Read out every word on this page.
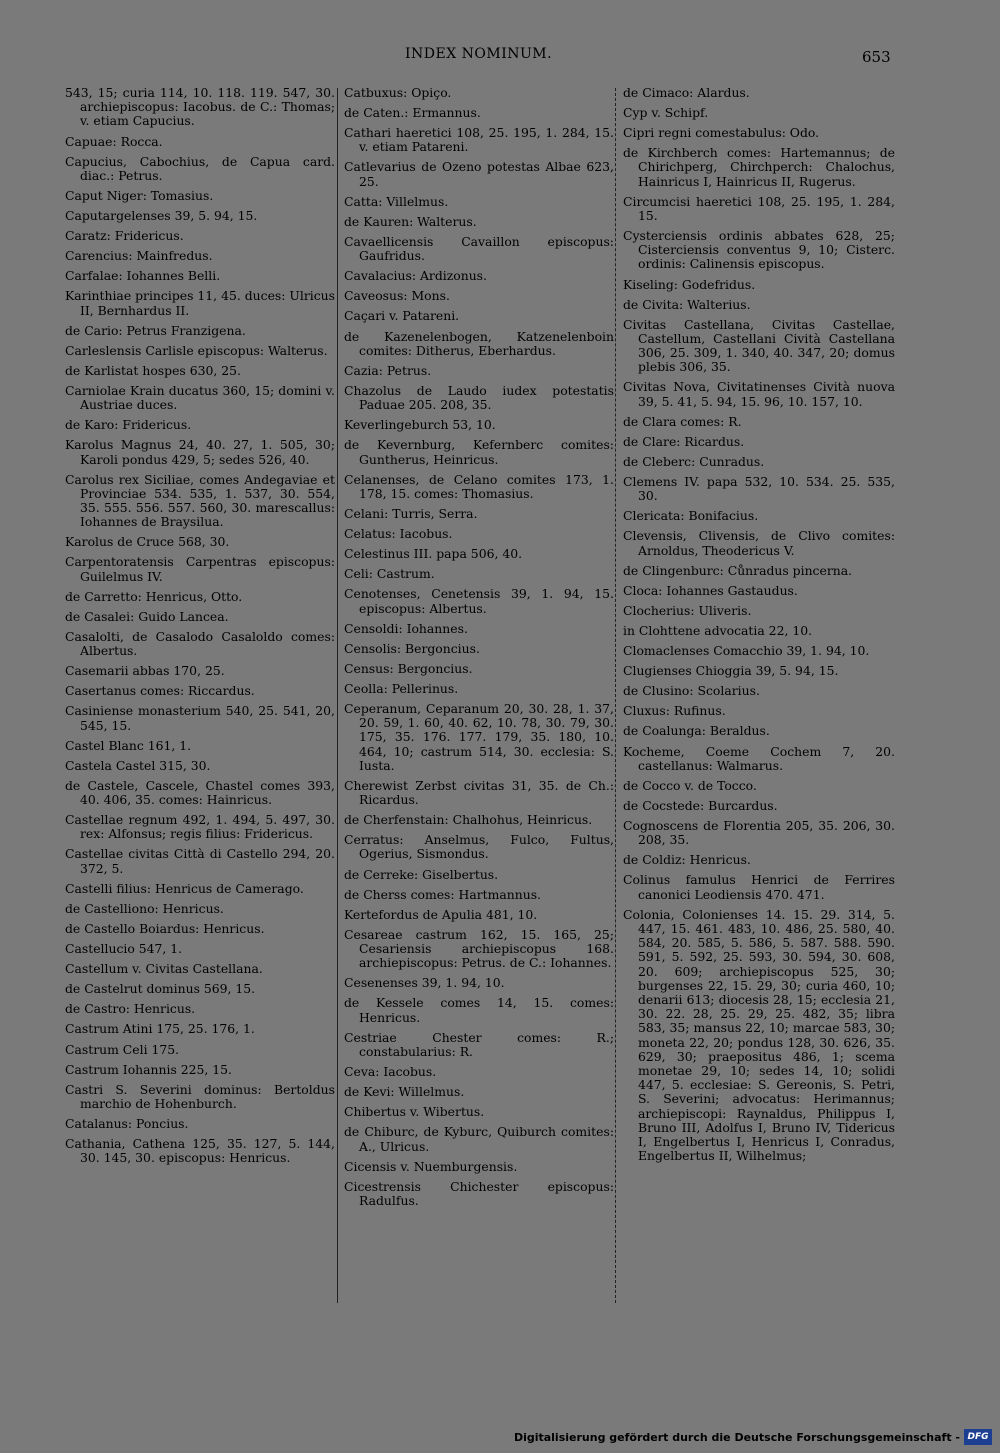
INDEX NOMINUM.	653
543, 15; curia 114, 10. 118. 119. 547, 30. archiepiscopus: Iacobus. de C.: Thomas; v. etiam Capucius.
Capuae: Rocca.
Capucius, Cabochius, de Capua card. diac.: Petrus.
Caput Niger: Tomasius.
Caputargelenses 39, 5. 94, 15.
Caratz: Fridericus.
Carencius: Mainfredus.
Carfalae: Iohannes Belli.
Karinthiae principes 11, 45. duces: Ulricus II, Bernhardus II.
de Cario: Petrus Franzigena.
Carleslensis Carlisle episcopus: Walterus.
de Karlistat hospes 630, 25.
Carniolae Krain ducatus 360, 15; domini v. Austriae duces.
de Karo: Fridericus.
Karolus Magnus 24, 40. 27, 1. 505, 30; Karoli pondus 429, 5; sedes 526, 40.
Carolus rex Siciliae, comes Andegaviae et Provinciae 534. 535, 1. 537, 30. 554, 35. 555. 556. 557. 560, 30. marescallus: Iohannes de Braysilua.
Karolus de Cruce 568, 30.
Carpentoratensis Carpentras episcopus: Guilelmus IV.
de Carretto: Henricus, Otto.
de Casalei: Guido Lancea.
Casalolti, de Casalodo Casaloldo comes: Albertus.
Casemarii abbas 170, 25.
Casertanus comes: Riccardus.
Casiniense monasterium 540, 25. 541, 20, 545, 15.
Castel Blanc 161, 1.
Castela Castel 315, 30.
de Castele, Cascele, Chastel comes 393, 40. 406, 35. comes: Hainricus.
Castellae regnum 492, 1. 494, 5. 497, 30. rex: Alfonsus; regis filius: Fridericus.
Castellae civitas Città di Castello 294, 20. 372, 5.
Castelli filius: Henricus de Camerago.
de Castelliono: Henricus.
de Castello Boiardus: Henricus.
Castellucio 547, 1.
Castellum v. Civitas Castellana.
de Castelrut dominus 569, 15.
de Castro: Henricus.
Castrum Atini 175, 25. 176, 1.
Castrum Celi 175.
Castrum Iohannis 225, 15.
Castri S. Severini dominus: Bertoldus marchio de Hohenburch.
Catalanus: Poncius.
Cathania, Cathena 125, 35. 127, 5. 144, 30. 145, 30. episcopus: Henricus.
Catbuxus: Opiço.
de Caten.: Ermannus.
Cathari haeretici 108, 25. 195, 1. 284, 15. v. etiam Patareni.
Catlevarius de Ozeno potestas Albae 623, 25.
Catta: Villelmus.
de Kauren: Walterus.
Cavaellicensis Cavaillon episcopus: Gaufridus.
Cavalacius: Ardizonus.
Caveosus: Mons.
Caçari v. Patareni.
de Kazenelenbogen, Katzenelenboin comites: Ditherus, Eberhardus.
Cazia: Petrus.
Chazolus de Laudo iudex potestatis Paduae 205. 208, 35.
Keverlingeburch 53, 10.
de Kevernburg, Kefernberc comites: Guntherus, Heinricus.
Celanenses, de Celano comites 173, 1. 178, 15. comes: Thomasius.
Celani: Turris, Serra.
Celatus: Iacobus.
Celestinus III. papa 506, 40.
Celi: Castrum.
Cenotenses, Cenetensis 39, 1. 94, 15. episcopus: Albertus.
Censoldi: Iohannes.
Censolis: Bergoncius.
Census: Bergoncius.
Ceolla: Pellerinus.
Ceperanum, Ceparanum 20, 30. 28, 1. 37, 20. 59, 1. 60, 40. 62, 10. 78, 30. 79, 30. 175, 35. 176. 177. 179, 35. 180, 10. 464, 10; castrum 514, 30. ecclesia: S. Iusta.
Cherewist Zerbst civitas 31, 35. de Ch.: Ricardus.
de Cherfenstain: Chalhohus, Heinricus.
Cerratus: Anselmus, Fulco, Fultus, Ogerius, Sismondus.
de Cerreke: Giselbertus.
de Cherss comes: Hartmannus.
Kertefordus de Apulia 481, 10.
Cesareae castrum 162, 15. 165, 25; Cesariensis archiepiscopus 168. archiepiscopus: Petrus. de C.: Iohannes.
Cesenenses 39, 1. 94, 10.
de Kessele comes 14, 15. comes: Henricus.
Cestriae Chester comes: R.; constabularius: R.
Ceva: Iacobus.
de Kevi: Willelmus.
Chibertus v. Wibertus.
de Chiburc, de Kyburc, Quiburch comites: A., Ulricus.
Cicensis v. Nuemburgensis.
Cicestrensis Chichester episcopus: Radulfus.
de Cimaco: Alardus.
Cyp v. Schipf.
Cipri regni comestabulus: Odo.
de Kirchberch comes: Hartemannus; de Chirichperg, Chirchperch: Chalochus, Hainricus I, Hainricus II, Rugerus.
Circumcisi haeretici 108, 25. 195, 1. 284, 15.
Cysterciensis ordinis abbates 628, 25; Cisterciensis conventus 9, 10; Cisterc. ordinis: Calinensis episcopus.
Kiseling: Godefridus.
de Civita: Walterius.
Civitas Castellana, Civitas Castellae, Castellum, Castellani Cività Castellana 306, 25. 309, 1. 340, 40. 347, 20; domus plebis 306, 35.
Civitas Nova, Civitatinenses Cività nuova 39, 5. 41, 5. 94, 15. 96, 10. 157, 10.
de Clara comes: R.
de Clare: Ricardus.
de Cleberc: Cunradus.
Clemens IV. papa 532, 10. 534. 25. 535, 30.
Clericata: Bonifacius.
Clevensis, Clivensis, de Clivo comites: Arnoldus, Theodericus V.
de Clingenburc: Cůnradus pincerna.
Cloca: Iohannes Gastaudus.
Clocherius: Uliveris.
in Clohttene advocatia 22, 10.
Clomaclenses Comacchio 39, 1. 94, 10.
Clugienses Chioggia 39, 5. 94, 15.
de Clusino: Scolarius.
Cluxus: Rufinus.
de Coalunga: Beraldus.
Kocheme, Coeme Cochem 7, 20. castellanus: Walmarus.
de Cocco v. de Tocco.
de Cocstede: Burcardus.
Cognoscens de Florentia 205, 35. 206, 30. 208, 35.
de Coldiz: Henricus.
Colinus famulus Henrici de Ferrires canonici Leodiensis 470. 471.
Colonia, Colonienses 14. 15. 29. 314, 5. 447, 15. 461. 483, 10. 486, 25. 580, 40. 584, 20. 585, 5. 586, 5. 587. 588. 590. 591, 5. 592, 25. 593, 30. 594, 30. 608, 20. 609; archiepiscopus 525, 30; burgenses 22, 15. 29, 30; curia 460, 10; denarii 613; diocesis 28, 15; ecclesia 21, 30. 22. 28, 25. 29, 25. 482, 35; libra 583, 35; mansus 22, 10; marcae 583, 30; moneta 22, 20; pondus 128, 30. 626, 35. 629, 30; praepositus 486, 1; scema monetae 29, 10; sedes 14, 10; solidi 447, 5. ecclesiae: S. Gereonis, S. Petri, S. Severini; advocatus: Herimannus; archiepiscopi: Raynaldus, Philippus I, Bruno III, Adolfus I, Bruno IV, Tidericus I, Engelbertus I, Henricus I, Conradus, Engelbertus II, Wilhelmus;
Digitalisierung gefördert durch die Deutsche Forschungsgemeinschaft - DFG
